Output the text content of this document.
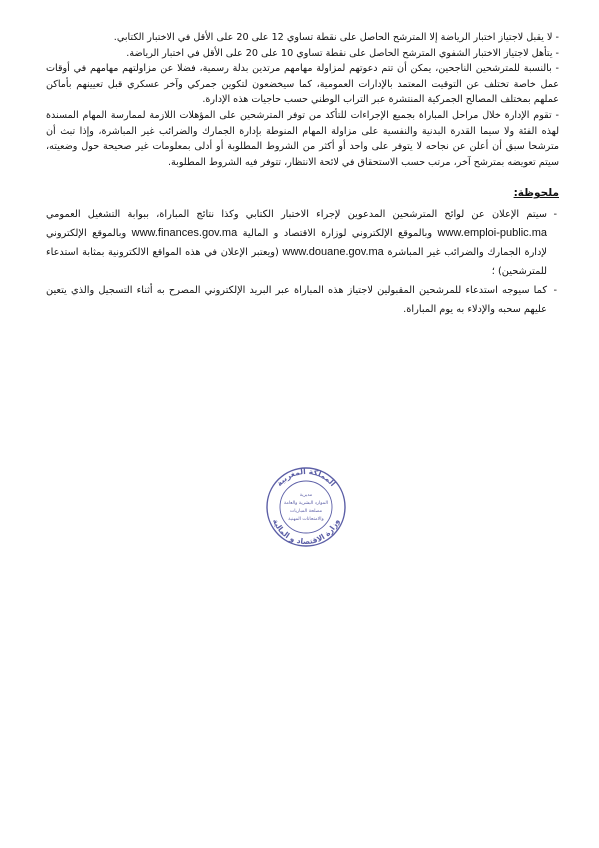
- لا يقبل لاجتياز اختبار الرياضة إلا المترشح الحاصل على نقطة تساوي 12 على 20 على الأقل في الاختبار الكتابي.

- يتأهل لاجتياز الاختبار الشفوي المترشح الحاصل على نقطة تساوي 10 على 20 على الأقل في اختبار الرياضة.

- بالنسبة للمترشحين الناجحين، يمكن أن تتم دعوتهم لمزاولة مهامهم مرتدين بدلة رسمية، فضلا عن مزاولتهم مهامهم في أوقات عمل خاصة تختلف عن التوقيت المعتمد بالإدارات العمومية، كما سيخضعون لتكوين جمركي وآخر عسكري قبل تعيينهم بأماكن عملهم بمختلف المصالح الجمركية المنتشرة عبر التراب الوطني حسب حاجيات هذه الإدارة.

- تقوم الإدارة خلال مراحل المباراة بجميع الإجراءات للتأكد من توفر المترشحين على المؤهلات اللازمة لممارسة المهام المسندة لهذه الفئة ولا سيما القدرة البدنية والنفسية على مزاولة المهام المنوطة بإدارة الجمارك والضرائب غير المباشرة، وإذا تبث أن مترشحا سبق أن أعلن عن نجاحه لا يتوفر على واحد أو أكثر من الشروط المطلوبة أو أدلى بمعلومات غير صحيحة حول وضعيته، سيتم تعويضه بمترشح آخر، مرتب حسب الاستحقاق في لائحة الانتظار، تتوفر فيه الشروط المطلوبة.

ملحوظة:
- سيتم الإعلان عن لوائح المترشحين المدعوين لإجراء الاختبار الكتابي وكذا نتائج المباراة، ببوابة التشغيل العمومي www.emploi-public.ma وبالموقع الإلكتروني لوزارة الاقتصاد و المالية www.finances.gov.ma وبالموقع الإلكتروني لإدارة الجمارك والضرائب غير المباشرة www.douane.gov.ma (ويعتبر الإعلان في هذه المواقع الالكترونية بمثابة استدعاء للمترشحين) ؛
- كما سيوجه استدعاء للمرشحين المقبولين لاجتياز هذه المباراة عبر البريد الإلكتروني المصرح به أثناء التسجيل والذي يتعين عليهم سحبه والإدلاء به يوم المباراة.
المملكة المغربية
وزارة الاقتصاد و المالية
مديرية
الموارد البشرية والعامة
مصلحة المباريات
والامتحانات المهنية
